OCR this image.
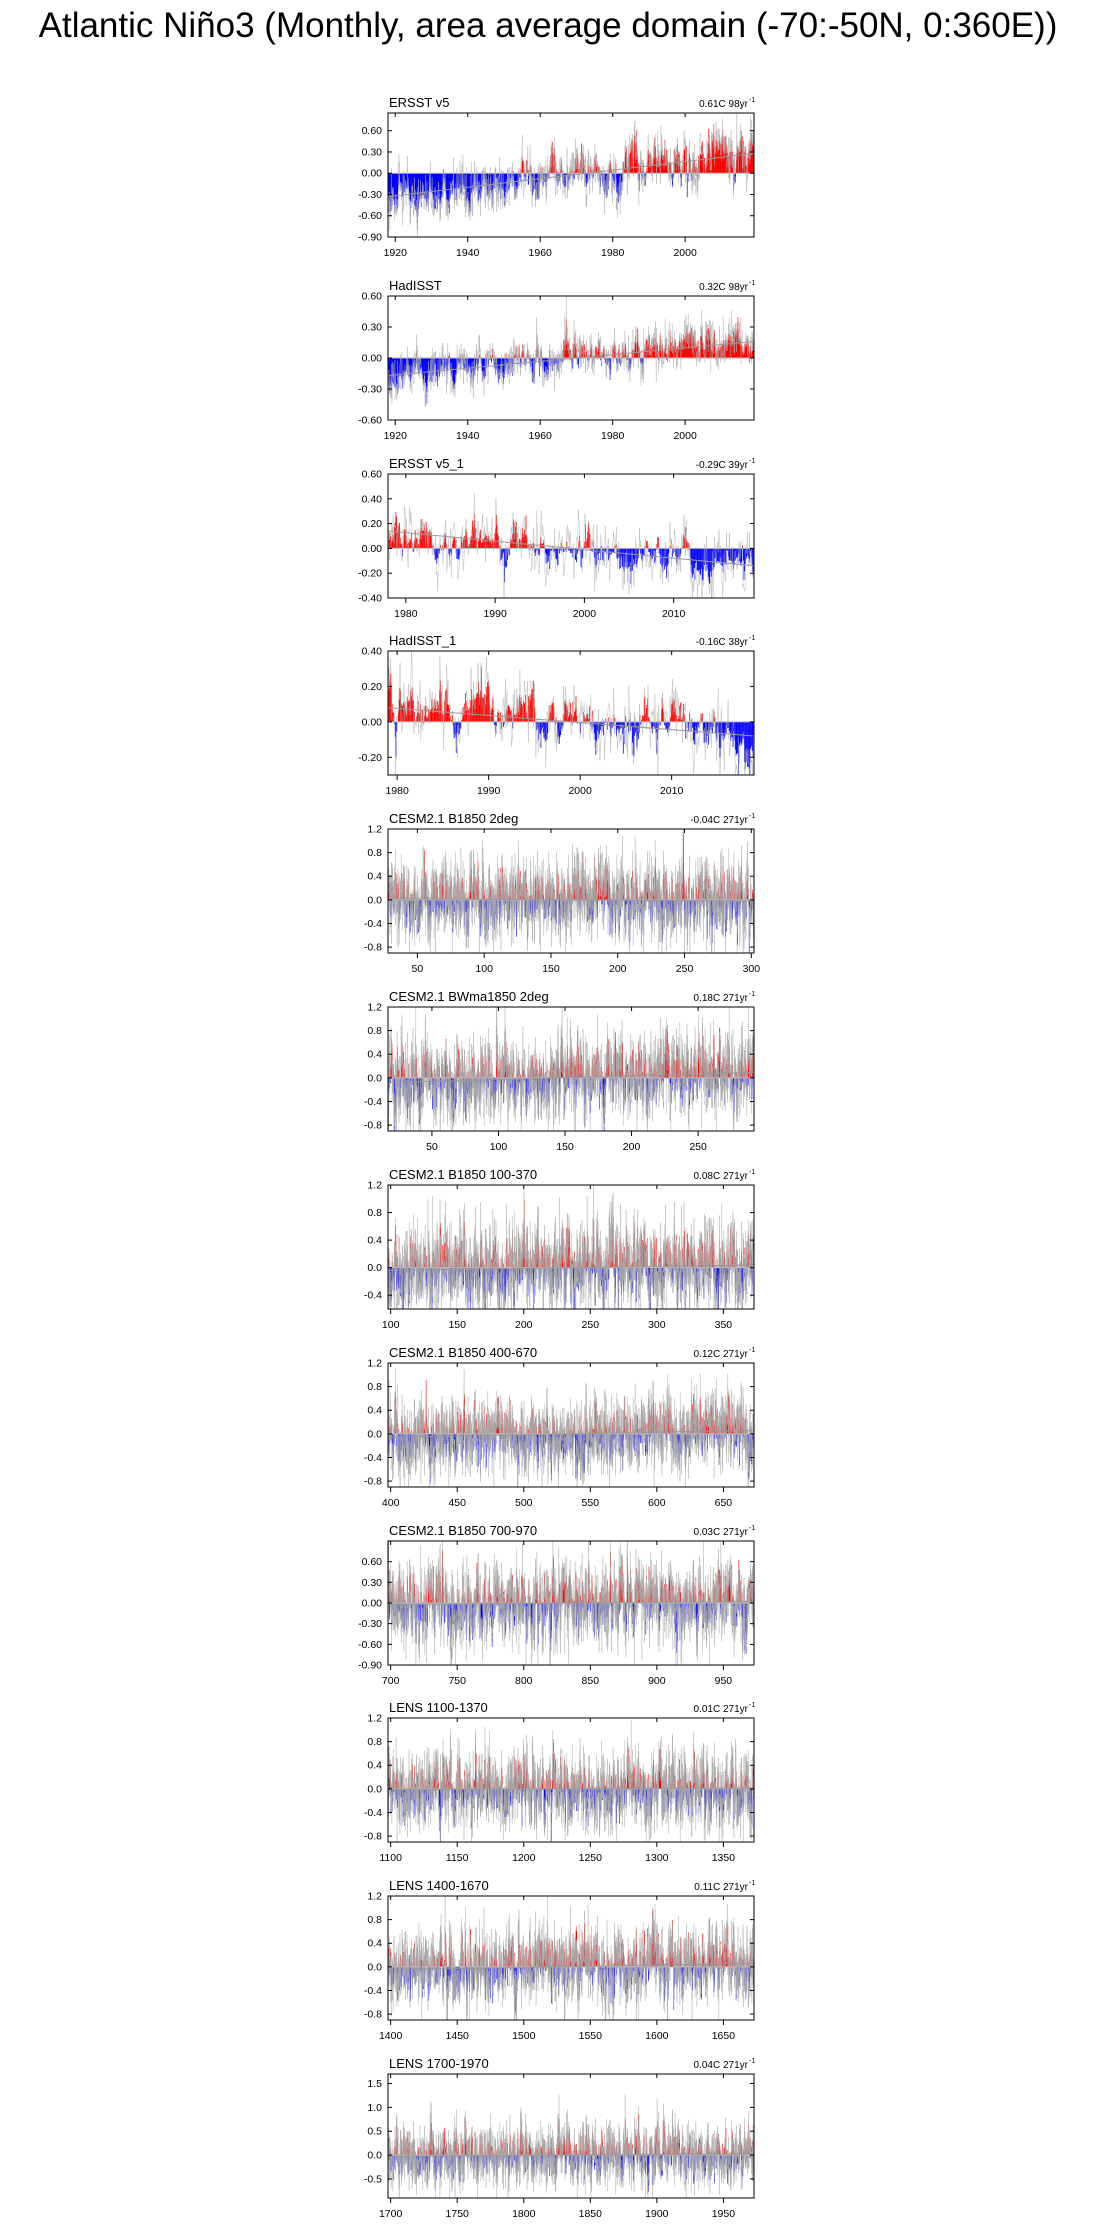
Atlantic Niño3 (Monthly, area average domain (-70:-50N, 0:360E))
0.60
0.30
0.00
-0.30
-0.60
-0.90
1920	1940	1960	1980	2000
ERSST v5	0.61C 98yr -1
0.60
0.30
0.00
-0.30
-0.60
1920	1940	1960	1980	2000
HadISST	0.32C 98yr -1
0.60
0.40
0.20
0.00
-0.20
-0.40
1980	1990	2000	2010
ERSST v5_1	-0.29C 39yr -1
0.40
0.20
0.00
-0.20
1980	1990	2000	2010
HadISST_1	-0.16C 38yr -1
1.2
0.8
0.4
0.0
-0.4
-0.8
50	100	150	200	250	300
CESM2.1 B1850 2deg	-0.04C 271yr -1
1.2
0.8
0.4
0.0
-0.4
-0.8
50	100	150	200	250
CESM2.1 BWma1850 2deg	0.18C 271yr -1
1.2
0.8
0.4
0.0
-0.4
100	150	200	250	300	350
CESM2.1 B1850 100-370	0.08C 271yr -1
1.2
0.8
0.4
0.0
-0.4
-0.8
400	450	500	550	600	650
CESM2.1 B1850 400-670	0.12C 271yr -1
0.60
0.30
0.00
-0.30
-0.60
-0.90
700	750	800	850	900	950
CESM2.1 B1850 700-970	0.03C 271yr -1
1.2
0.8
0.4
0.0
-0.4
-0.8
1100	1150	1200	1250	1300	1350
LENS 1100-1370	0.01C 271yr -1
1.2
0.8
0.4
0.0
-0.4
-0.8
1400	1450	1500	1550	1600	1650
LENS 1400-1670	0.11C 271yr -1
1.5
1.0
0.5
0.0
-0.5
1700	1750	1800	1850	1900	1950
LENS 1700-1970	0.04C 271yr -1
